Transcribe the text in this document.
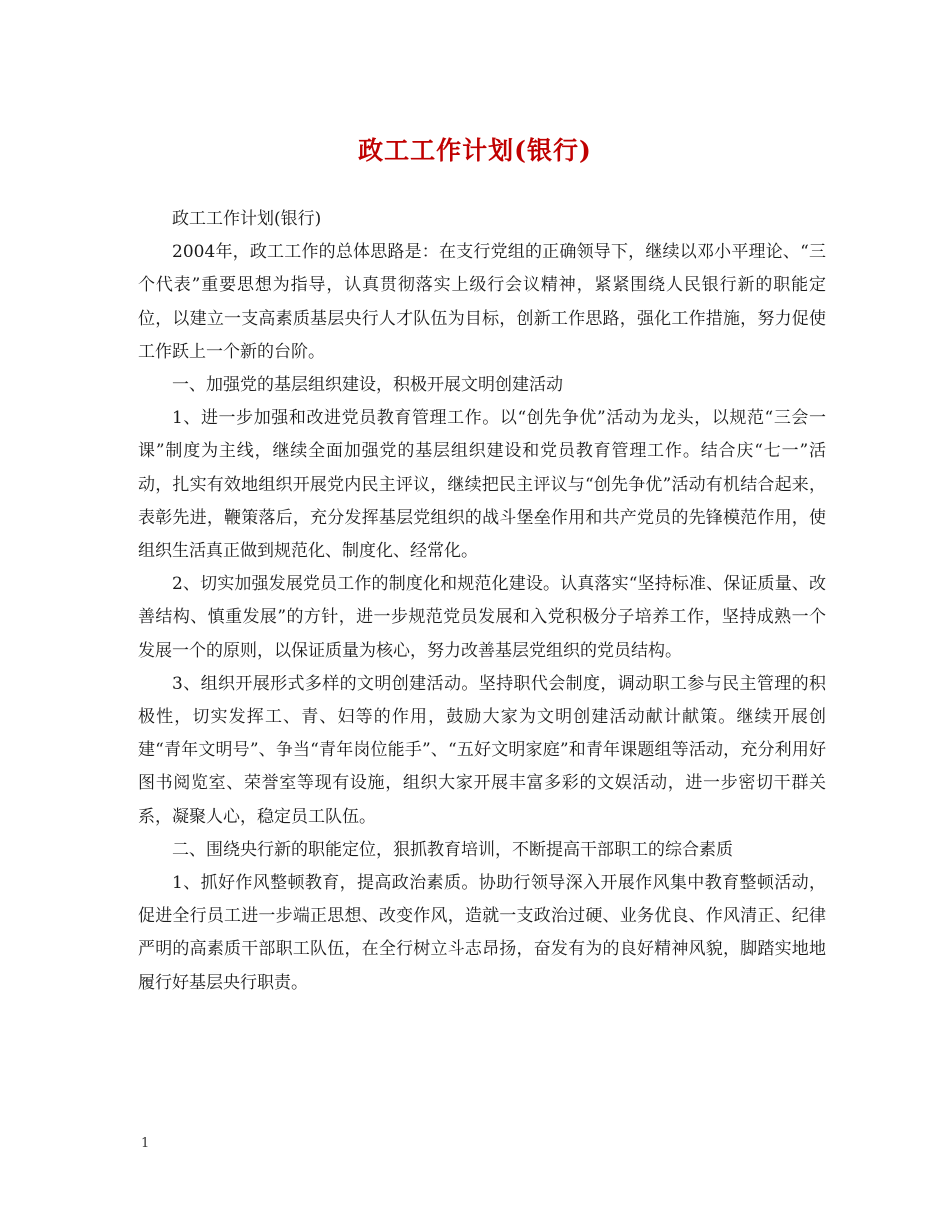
政工工作计划(银行)

政工工作计划(银行)

2004年，政工工作的总体思路是：在支行党组的正确领导下，继续以邓小平理论、“三个代表”重要思想为指导，认真贯彻落实上级行会议精神，紧紧围绕人民银行新的职能定位，以建立一支高素质基层央行人才队伍为目标，创新工作思路，强化工作措施，努力促使工作跃上一个新的台阶。

一、加强党的基层组织建设，积极开展文明创建活动

1、进一步加强和改进党员教育管理工作。以“创先争优”活动为龙头，以规范“三会一课”制度为主线，继续全面加强党的基层组织建设和党员教育管理工作。结合庆“七一”活动，扎实有效地组织开展党内民主评议，继续把民主评议与“创先争优”活动有机结合起来，表彰先进，鞭策落后，充分发挥基层党组织的战斗堡垒作用和共产党员的先锋模范作用，使组织生活真正做到规范化、制度化、经常化。

2、切实加强发展党员工作的制度化和规范化建设。认真落实“坚持标准、保证质量、改善结构、慎重发展”的方针，进一步规范党员发展和入党积极分子培养工作，坚持成熟一个发展一个的原则，以保证质量为核心，努力改善基层党组织的党员结构。

3、组织开展形式多样的文明创建活动。坚持职代会制度，调动职工参与民主管理的积极性，切实发挥工、青、妇等的作用，鼓励大家为文明创建活动献计献策。继续开展创建“青年文明号”、争当“青年岗位能手”、“五好文明家庭”和青年课题组等活动，充分利用好图书阅览室、荣誉室等现有设施，组织大家开展丰富多彩的文娱活动，进一步密切干群关系，凝聚人心，稳定员工队伍。

二、围绕央行新的职能定位，狠抓教育培训，不断提高干部职工的综合素质

1、抓好作风整顿教育，提高政治素质。协助行领导深入开展作风集中教育整顿活动，促进全行员工进一步端正思想、改变作风，造就一支政治过硬、业务优良、作风清正、纪律严明的高素质干部职工队伍，在全行树立斗志昂扬，奋发有为的良好精神风貌，脚踏实地地履行好基层央行职责。

1
